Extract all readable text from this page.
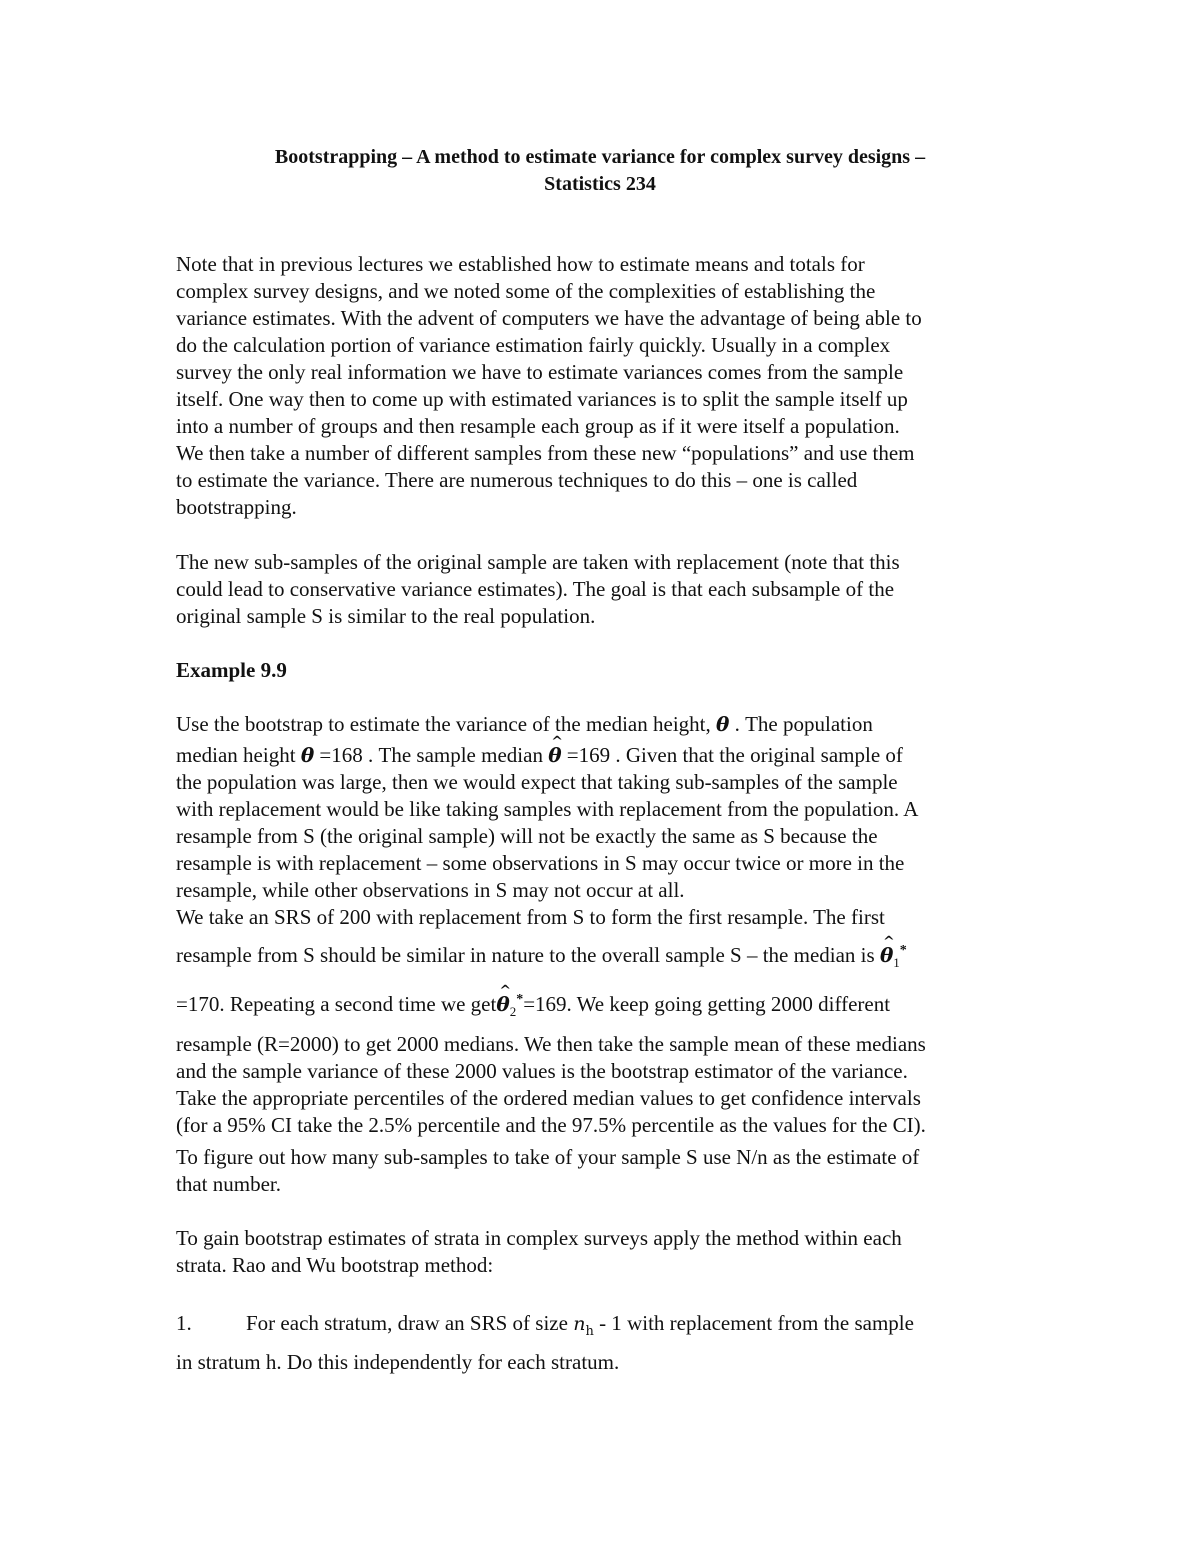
Bootstrapping – A method to estimate variance for complex survey designs –
Statistics 234
Note that in previous lectures we established how to estimate means and totals for
complex survey designs, and we noted some of the complexities of establishing the
variance estimates. With the advent of computers we have the advantage of being able to
do the calculation portion of variance estimation fairly quickly. Usually in a complex
survey the only real information we have to estimate variances comes from the sample
itself. One way then to come up with estimated variances is to split the sample itself up
into a number of groups and then resample each group as if it were itself a population.
We then take a number of different samples from these new “populations” and use them
to estimate the variance. There are numerous techniques to do this – one is called
bootstrapping.
The new sub-samples of the original sample are taken with replacement (note that this
could lead to conservative variance estimates). The goal is that each subsample of the
original sample S is similar to the real population.
Example 9.9
Use the bootstrap to estimate the variance of the median height, θ . The population
median height θ =168 . The sample median ^ θ =169 . Given that the original sample of
the population was large, then we would expect that taking sub-samples of the sample
with replacement would be like taking samples with replacement from the population. A
resample from S (the original sample) will not be exactly the same as S because the
resample is with replacement – some observations in S may occur twice or more in the
resample, while other observations in S may not occur at all.
We take an SRS of 200 with replacement from S to form the first resample. The first
resample from S should be similar in nature to the overall sample S – the median is ^ $\theta_1^*$
=170. Repeating a second time we get^ $\theta_2^*=169$. We keep going getting 2000 different
resample (R=2000) to get 2000 medians. We then take the sample mean of these medians
and the sample variance of these 2000 values is the bootstrap estimator of the variance.
Take the appropriate percentiles of the ordered median values to get confidence intervals
(for a 95% CI take the 2.5% percentile and the 97.5% percentile as the values for the CI).
To figure out how many sub-samples to take of your sample S use N/n as the estimate of
that number.
To gain bootstrap estimates of strata in complex surveys apply the method within each
strata. Rao and Wu bootstrap method:
1.	For each stratum, draw an SRS of size $n_h - 1$ with replacement from the sample
in stratum h. Do this independently for each stratum.
